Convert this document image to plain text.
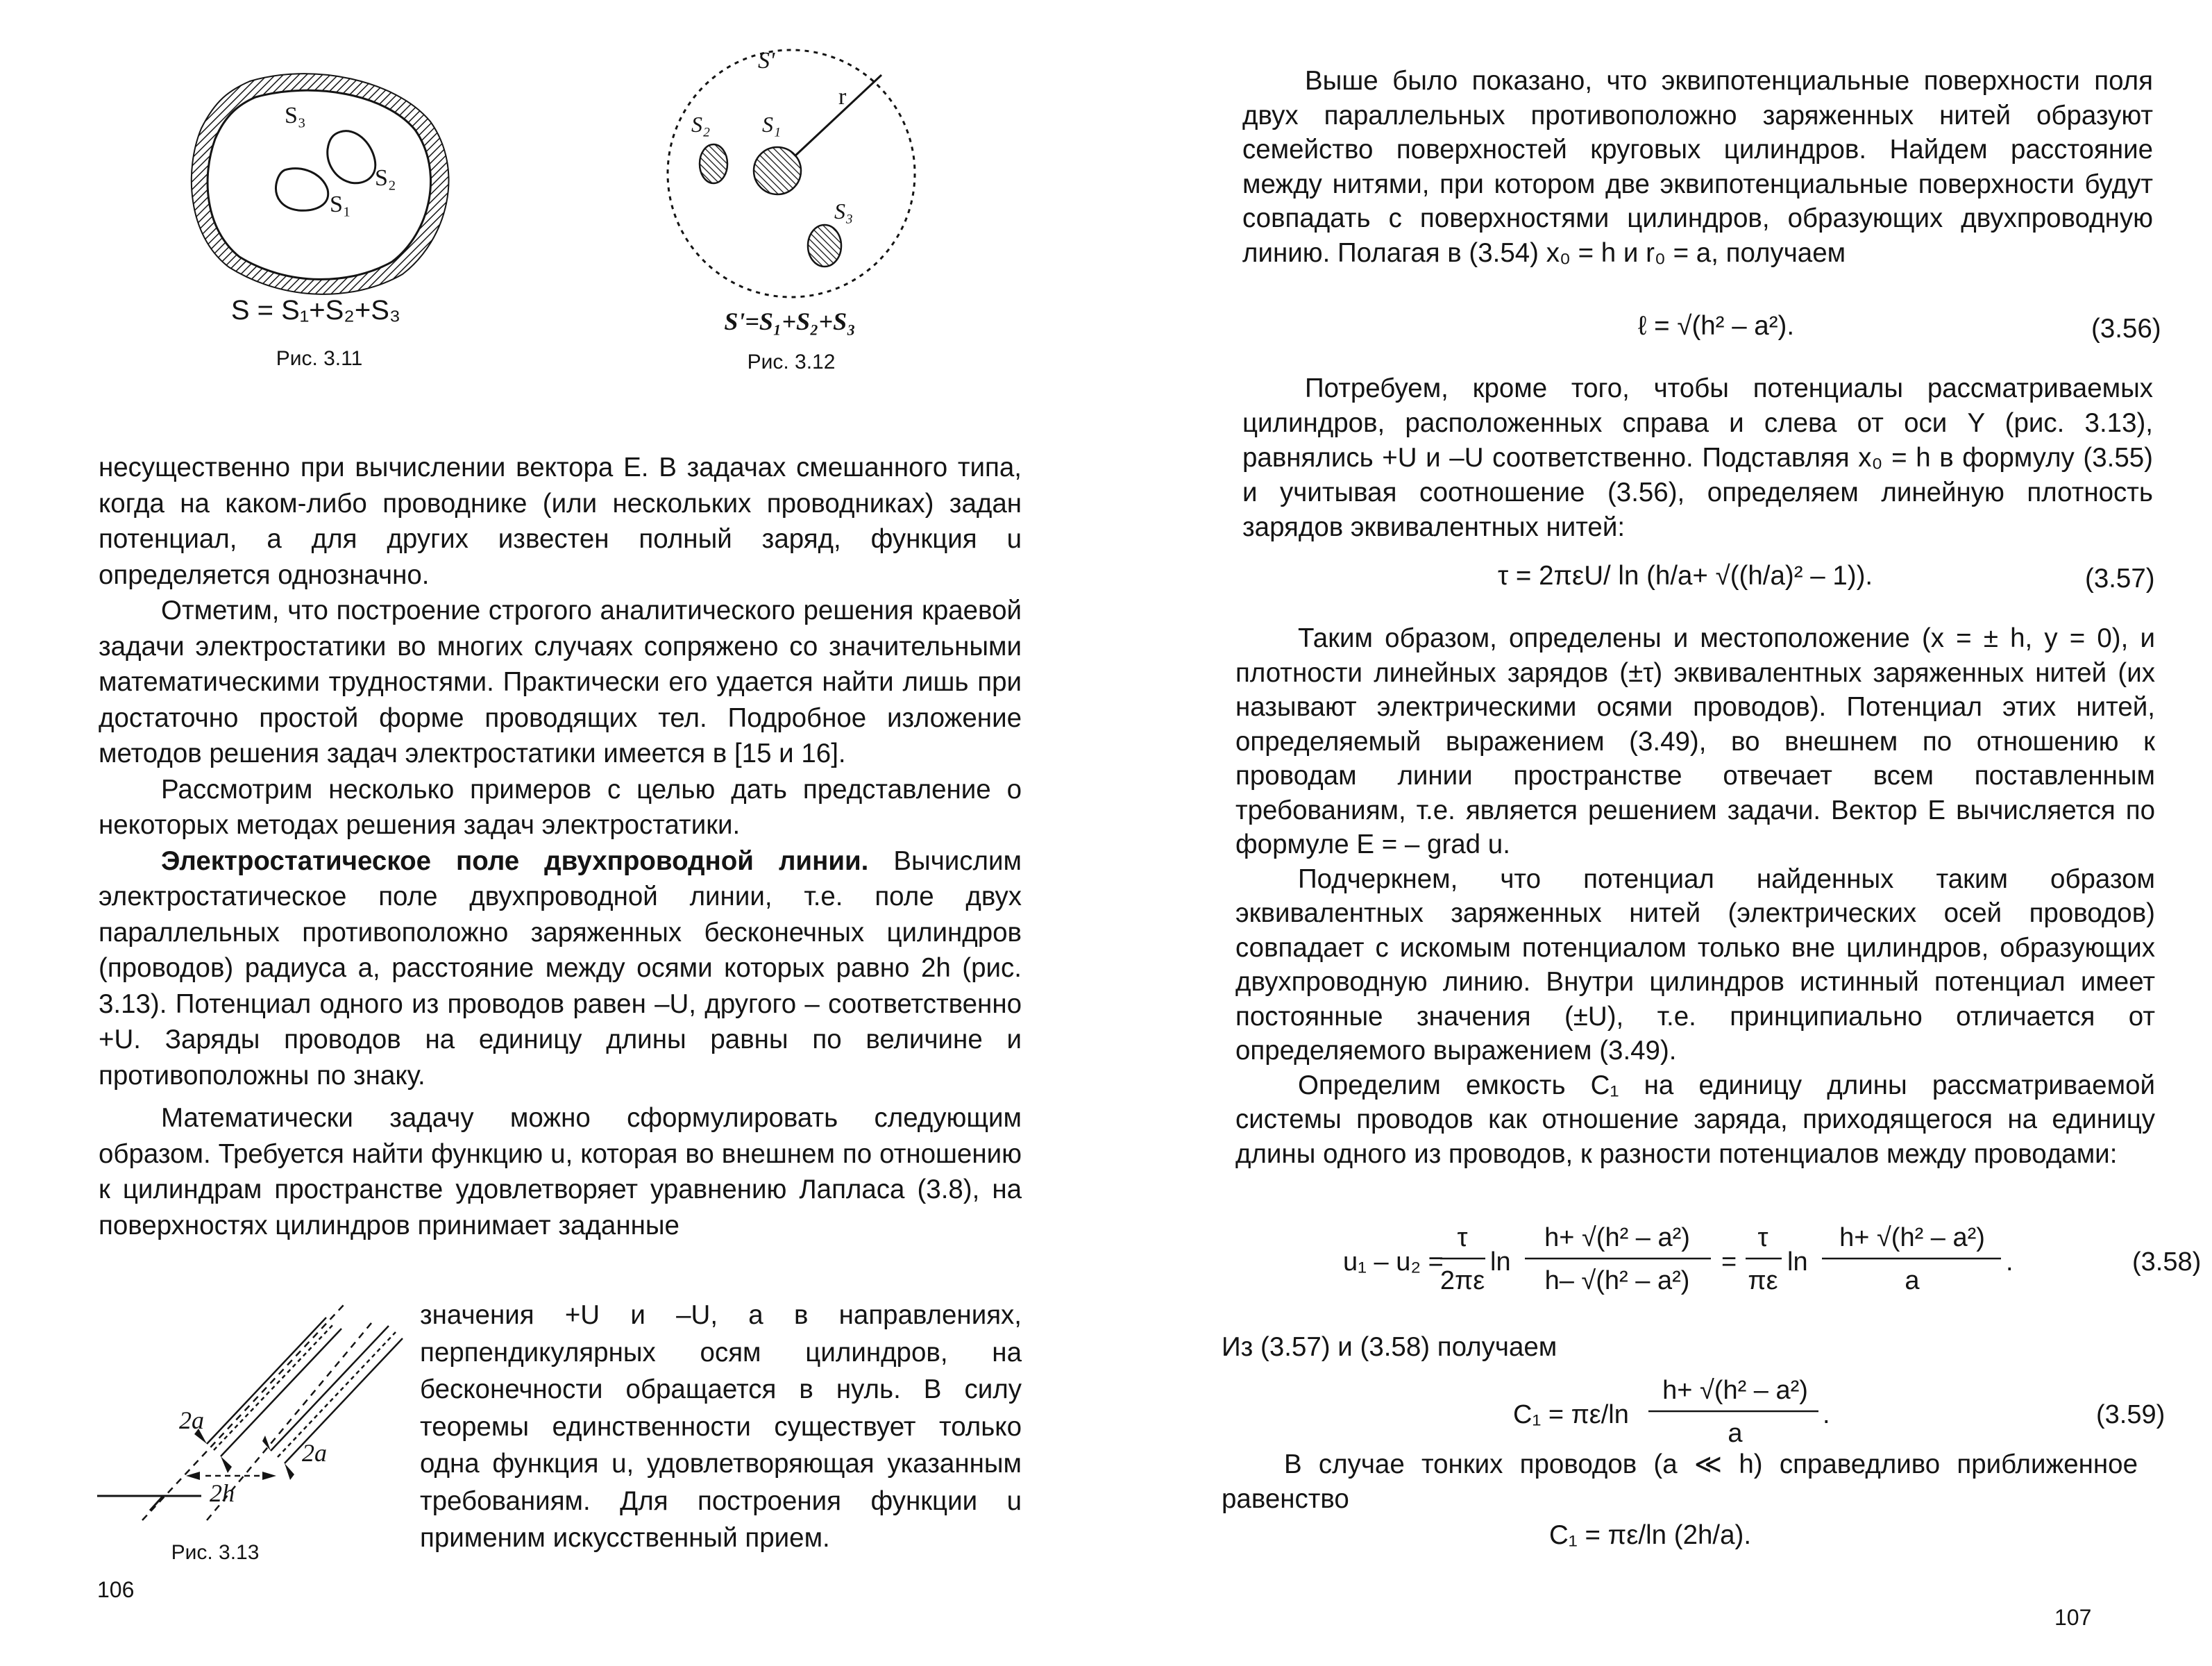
S₃
S₂
S₁
S = S₁+S₂+S₃
Рис. 3.11
S'
S₂ S₁
r
S₃
S'=S₁+S₂+S₃
Рис. 3.12

несущественно при вычислении вектора E. В задачах смешанного типа, когда на каком-либо проводнике (или нескольких проводниках) задан потенциал, а для других известен полный заряд, функция u определяется однозначно.

Отметим, что построение строгого аналитического решения краевой задачи электростатики во многих случаях сопряжено со значительными математическими трудностями. Практически его удается найти лишь при достаточно простой форме проводящих тел. Подробное изложение методов решения задач электростатики имеется в [15 и 16].

Рассмотрим несколько примеров с целью дать представление о некоторых методах решения задач электростатики.

Электростатическое поле двухпроводной линии. Вычислим электростатическое поле двухпроводной линии, т.е. поле двух параллельных противоположно заряженных бесконечных цилиндров (проводов) радиуса a, расстояние между осями которых равно 2h (рис. 3.13). Потенциал одного из проводов равен –U, другого – соответственно +U. Заряды проводов на единицу длины равны по величине и противоположны по знаку.

Математически задачу можно сформулировать следующим образом. Требуется найти функцию u, которая во внешнем по отношению к цилиндрам пространстве удовлетворяет уравнению Лапласа (3.8), на поверхностях цилиндров принимает заданные

значения +U и –U, а в направлениях, перпендикулярных осям цилиндров, на бесконечности обращается в нуль. В силу теоремы единственности существует только одна функция u, удовлетворяющая указанным требованиям. Для построения функции u применим искусственный прием.

2a
2a
2h
Рис. 3.13
106

Выше было показано, что эквипотенциальные поверхности поля двух параллельных противоположно заряженных нитей образуют семейство поверхностей круговых цилиндров. Найдем расстояние между нитями, при котором две эквипотенциальные поверхности будут совпадать с поверхностями цилиндров, образующих двухпроводную линию. Полагая в (3.54) x₀ = h и r₀ = a, получаем

ℓ = √(h² – a²).	(3.56)

Потребуем, кроме того, чтобы потенциалы рассматриваемых цилиндров, расположенных справа и слева от оси Y (рис. 3.13), равнялись +U и –U соответственно. Подставляя x₀ = h в формулу (3.55) и учитывая соотношение (3.56), определяем линейную плотность зарядов эквивалентных нитей:

τ = 2πεU/ ln (h/a+ √((h/a)² – 1)).	(3.57)

Таким образом, определены и местоположение (x = ± h, y = 0), и плотности линейных зарядов (±τ) эквивалентных заряженных нитей (их называют электрическими осями проводов). Потенциал этих нитей, определяемый выражением (3.49), во внешнем по отношению к проводам линии пространстве отвечает всем поставленным требованиям, т.е. является решением задачи. Вектор E вычисляется по формуле E = – grad u.

Подчеркнем, что потенциал найденных таким образом эквивалентных заряженных нитей (электрических осей проводов) совпадает с искомым потенциалом только вне цилиндров, образующих двухпроводную линию. Внутри цилиндров истинный потенциал имеет постоянные значения (±U), т.е. принципиально отличается от определяемого выражением (3.49).

Определим емкость C₁ на единицу длины рассматриваемой системы проводов как отношение заряда, приходящегося на единицу длины одного из проводов, к разности потенциалов между проводами:

u₁ – u₂ =
τ
2πε
ln
h+ √(h² – a²)
h– √(h² – a²)
=
τ
πε
ln
h+ √(h² – a²)
a
.	(3.58)

Из (3.57) и (3.58) получаем

C₁ = πε/ln
h+ √(h² – a²)
a
.	(3.59)

В случае тонких проводов (a ≪ h) справедливо приближенное равенство

C₁ = πε/ln (2h/a).
107
